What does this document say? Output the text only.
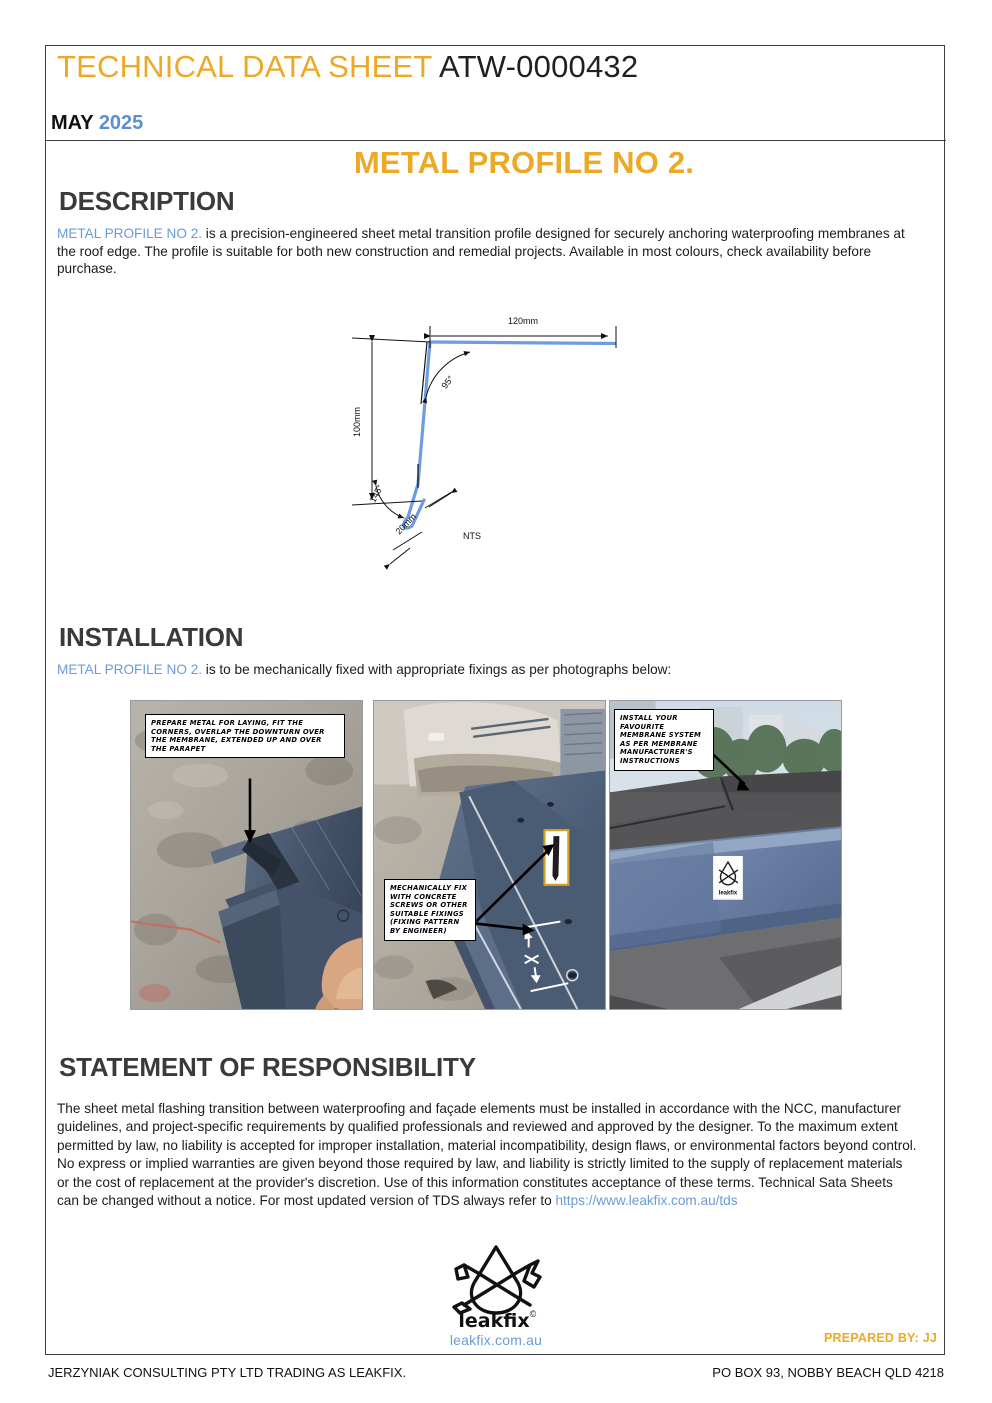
TECHNICAL DATA SHEET ATW-0000432
MAY 2025
METAL PROFILE NO 2.
DESCRIPTION
METAL PROFILE NO 2. is a precision-engineered sheet metal transition profile designed for securely anchoring waterproofing membranes at the roof edge. The profile is suitable for both new construction and remedial projects. Available in most colours, check availability before purchase.
120mm
100mm
95°
145°
20mm	NTS
INSTALLATION
METAL PROFILE NO 2. is to be mechanically fixed with appropriate fixings as per photographs below:
PREPARE METAL FOR LAYING, FIT THE CORNERS, OVERLAP THE DOWNTURN OVER THE MEMBRANE, EXTENDED UP AND OVER THE PARAPET
MECHANICALLY FIX WITH CONCRETE SCREWS OR OTHER SUITABLE FIXINGS (FIXING PATTERN BY ENGINEER)
leakfix
INSTALL YOUR FAVOURITE MEMBRANE SYSTEM AS PER MEMBRANE MANUFACTURER'S INSTRUCTIONS
STATEMENT OF RESPONSIBILITY
The sheet metal flashing transition between waterproofing and façade elements must be installed in accordance with the NCC, manufacturer guidelines, and project-specific requirements by qualified professionals and reviewed and approved by the designer. To the maximum extent permitted by law, no liability is accepted for improper installation, material incompatibility, design flaws, or environmental factors beyond control. No express or implied warranties are given beyond those required by law, and liability is strictly limited to the supply of replacement materials or the cost of replacement at the provider's discretion. Use of this information constitutes acceptance of these terms. Technical Sata Sheets can be changed without a notice. For most updated version of TDS always refer to https://www.leakfix.com.au/tds
leakfix ©
leakfix.com.au	PREPARED BY: JJ
JERZYNIAK CONSULTING PTY LTD TRADING AS LEAKFIX.	PO BOX 93, NOBBY BEACH QLD 4218
